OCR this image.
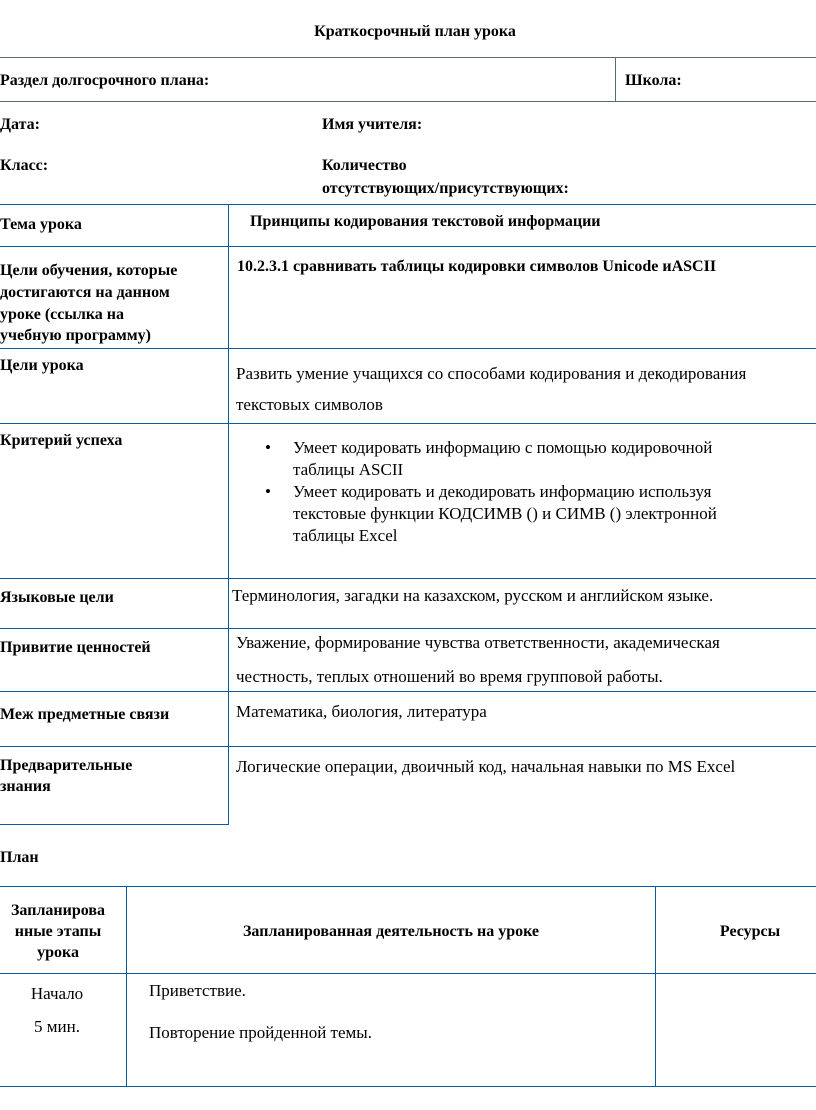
Краткосрочный план урока
Раздел долгосрочного плана:	Школа:
Дата:	Имя учителя:
Класс:	Количество
отсутствующих/присутствующих:
Тема урока	Принципы кодирования текстовой информации
Цели обучения, которые
достигаются на данном
уроке (ссылка на
учебную программу)
10.2.3.1 сравнивать таблицы кодировки символов Unicode иASCII
Цели урока	Развить умение учащихся со способами кодирования и декодирования
текстовых символов
Критерий успеха
•	Умеет кодировать информацию с помощью кодировочной
таблицы ASCII
• Умеет кодировать и декодировать информацию используя
текстовые функции КОДСИМВ () и СИМВ () электронной
таблицы Excel
Языковые цели	Терминология, загадки на казахском, русском и английском языке.
Привитие ценностей	Уважение, формирование чувства ответственности, академическая
честность, теплых отношений во время групповой работы.
Меж предметные связи	Математика, биология, литература
Предварительные
знания
Логические операции, двоичный код, начальная навыки по MS Excel
План
Запланирова
нные этапы
урока
Запланированная деятельность на уроке	Ресурсы
Начало
5 мин.
Приветствие.
Повторение пройденной темы.
